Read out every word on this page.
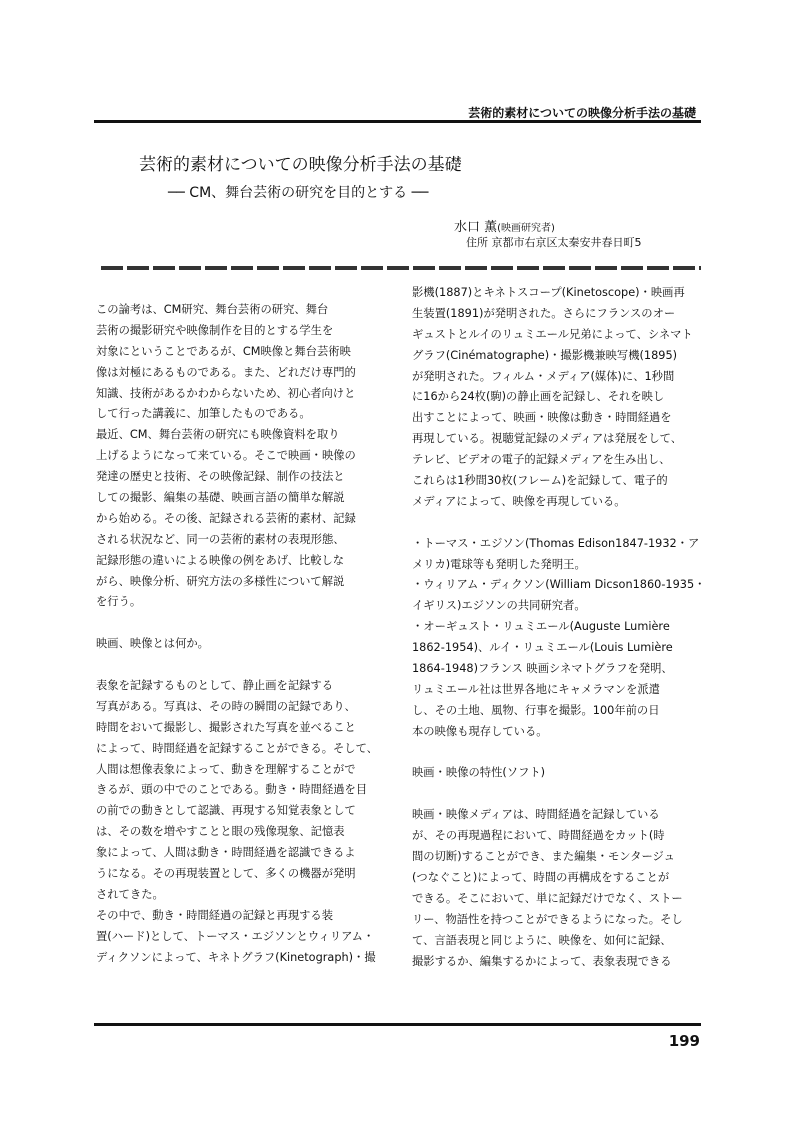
芸術的素材についての映像分析手法の基礎
芸術的素材についての映像分析手法の基礎
── CM、舞台芸術の研究を目的とする ──
水口 薫(映画研究者)
住所 京都市右京区太秦安井春日町5
この論考は、CM研究、舞台芸術の研究、舞台
芸術の撮影研究や映像制作を目的とする学生を
対象にということであるが、CM映像と舞台芸術映
像は対極にあるものである。また、どれだけ専門的
知識、技術があるかわからないため、初心者向けと
して行った講義に、加筆したものである。
最近、CM、舞台芸術の研究にも映像資料を取り
上げるようになって来ている。そこで映画・映像の
発達の歴史と技術、その映像記録、制作の技法と
しての撮影、編集の基礎、映画言語の簡単な解説
から始める。その後、記録される芸術的素材、記録
される状況など、同一の芸術的素材の表現形態、
記録形態の違いによる映像の例をあげ、比較しな
がら、映像分析、研究方法の多様性について解説
を行う。
映画、映像とは何か。
表象を記録するものとして、静止画を記録する
写真がある。写真は、その時の瞬間の記録であり、
時間をおいて撮影し、撮影された写真を並べること
によって、時間経過を記録することができる。そして、
人間は想像表象によって、動きを理解することがで
きるが、頭の中でのことである。動き・時間経過を目
の前での動きとして認識、再現する知覚表象として
は、その数を増やすことと眼の残像現象、記憶表
象によって、人間は動き・時間経過を認識できるよ
うになる。その再現装置として、多くの機器が発明
されてきた。
その中で、動き・時間経過の記録と再現する装
置(ハード)として、トーマス・エジソンとウィリアム・
ディクソンによって、キネトグラフ(Kinetograph)・撮
影機(1887)とキネトスコープ(Kinetoscope)・映画再
生装置(1891)が発明された。さらにフランスのオー
ギュストとルイのリュミエール兄弟によって、シネマト
グラフ(Cinématographe)・撮影機兼映写機(1895)
が発明された。フィルム・メディア(媒体)に、1秒間
に16から24枚(駒)の静止画を記録し、それを映し
出すことによって、映画・映像は動き・時間経過を
再現している。視聴覚記録のメディアは発展をして、
テレビ、ビデオの電子的記録メディアを生み出し、
これらは1秒間30枚(フレーム)を記録して、電子的
メディアによって、映像を再現している。
・トーマス・エジソン(Thomas Edison1847-1932・ア
メリカ)電球等も発明した発明王。
・ウィリアム・ディクソン(William Dicson1860-1935・
イギリス)エジソンの共同研究者。
・オーギュスト・リュミエール(Auguste Lumière
1862-1954)、ルイ・リュミエール(Louis Lumière
1864-1948)フランス 映画シネマトグラフを発明、
リュミエール社は世界各地にキャメラマンを派遣
し、その土地、風物、行事を撮影。100年前の日
本の映像も現存している。
映画・映像の特性(ソフト)
映画・映像メディアは、時間経過を記録している
が、その再現過程において、時間経過をカット(時
間の切断)することができ、また編集・モンタージュ
(つなぐこと)によって、時間の再構成をすることが
できる。そこにおいて、単に記録だけでなく、ストー
リー、物語性を持つことができるようになった。そし
て、言語表現と同じように、映像を、如何に記録、
撮影するか、編集するかによって、表象表現できる
199
